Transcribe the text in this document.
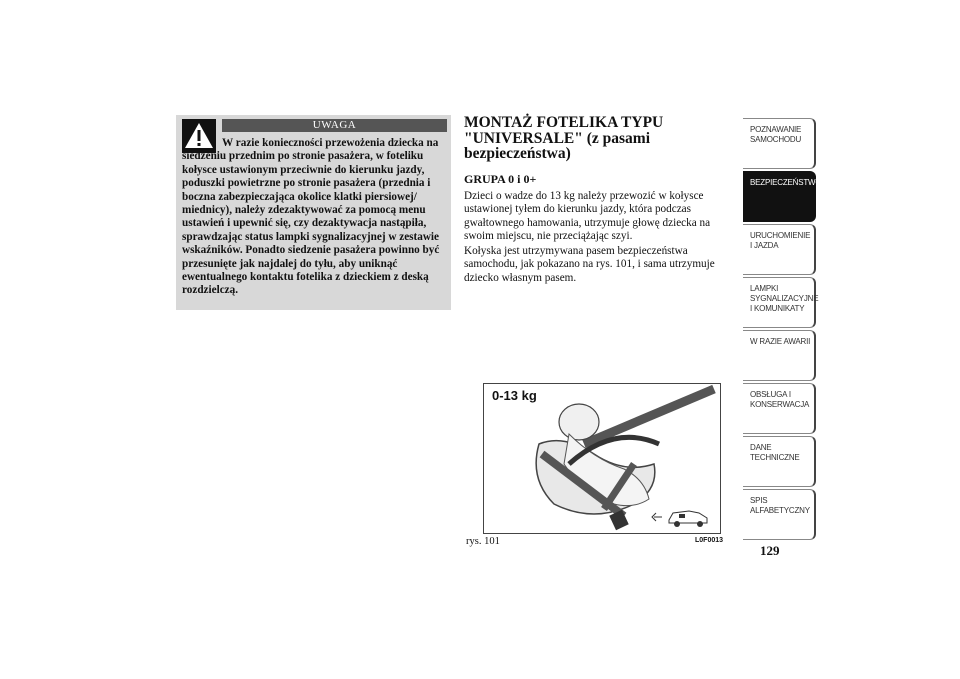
UWAGA
W razie konieczności przewożenia dziecka na siedzeniu przednim po stronie pasażera, w foteliku kołysce ustawionym przeciwnie do kierunku jazdy, poduszki powietrzne po stronie pasażera (przednia i boczna zabezpieczająca okolice klatki piersiowej/ miednicy), należy zdezaktywować za pomocą menu ustawień i upewnić się, czy dezaktywacja nastąpiła, sprawdzając status lampki sygnalizacyjnej w zestawie wskaźników. Ponadto siedzenie pasażera powinno być przesunięte jak najdalej do tyłu, aby uniknąć ewentualnego kontaktu fotelika z dzieckiem z deską rozdzielczą.
MONTAŻ FOTELIKA TYPU "UNIVERSALE" (z pasami bezpieczeństwa)
GRUPA 0 i 0+

Dzieci o wadze do 13 kg należy przewozić w kołysce ustawionej tyłem do kierunku jazdy, która podczas gwałtownego hamowania, utrzymuje głowę dziecka na swoim miejscu, nie przeciążając szyi.

Kołyska jest utrzymywana pasem bezpieczeństwa samochodu, jak pokazano na rys. 101, i sama utrzymuje dziecko własnym pasem.

0-13 kg
rys. 101	L0F0013
POZNAWANIE SAMOCHODU
BEZPIECZEŃSTWO
URUCHOMIENIE I JAZDA
LAMPKI SYGNALIZACYJNE I KOMUNIKATY
W RAZIE AWARII
OBSŁUGA I KONSERWACJA
DANE TECHNICZNE
SPIS ALFABETYCZNY
129
